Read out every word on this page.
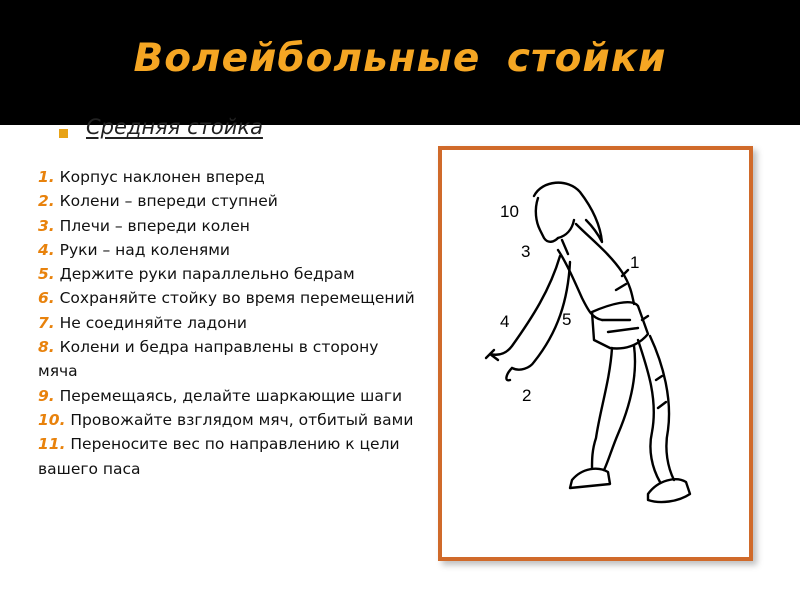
Волейбольные стойки
Средняя стойка
1. Корпус наклонен вперед
2. Колени – впереди ступней
3. Плечи – впереди колен
4. Руки – над коленями
5. Держите руки параллельно бедрам
6. Сохраняйте стойку во время перемещений
7. Не соединяйте ладони
8. Колени и бедра направлены в сторону мяча
9. Перемещаясь, делайте шаркающие шаги
10. Провожайте взглядом мяч, отбитый вами
11. Переносите вес по направлению к цели вашего паса
10
3
1
4	5
2
